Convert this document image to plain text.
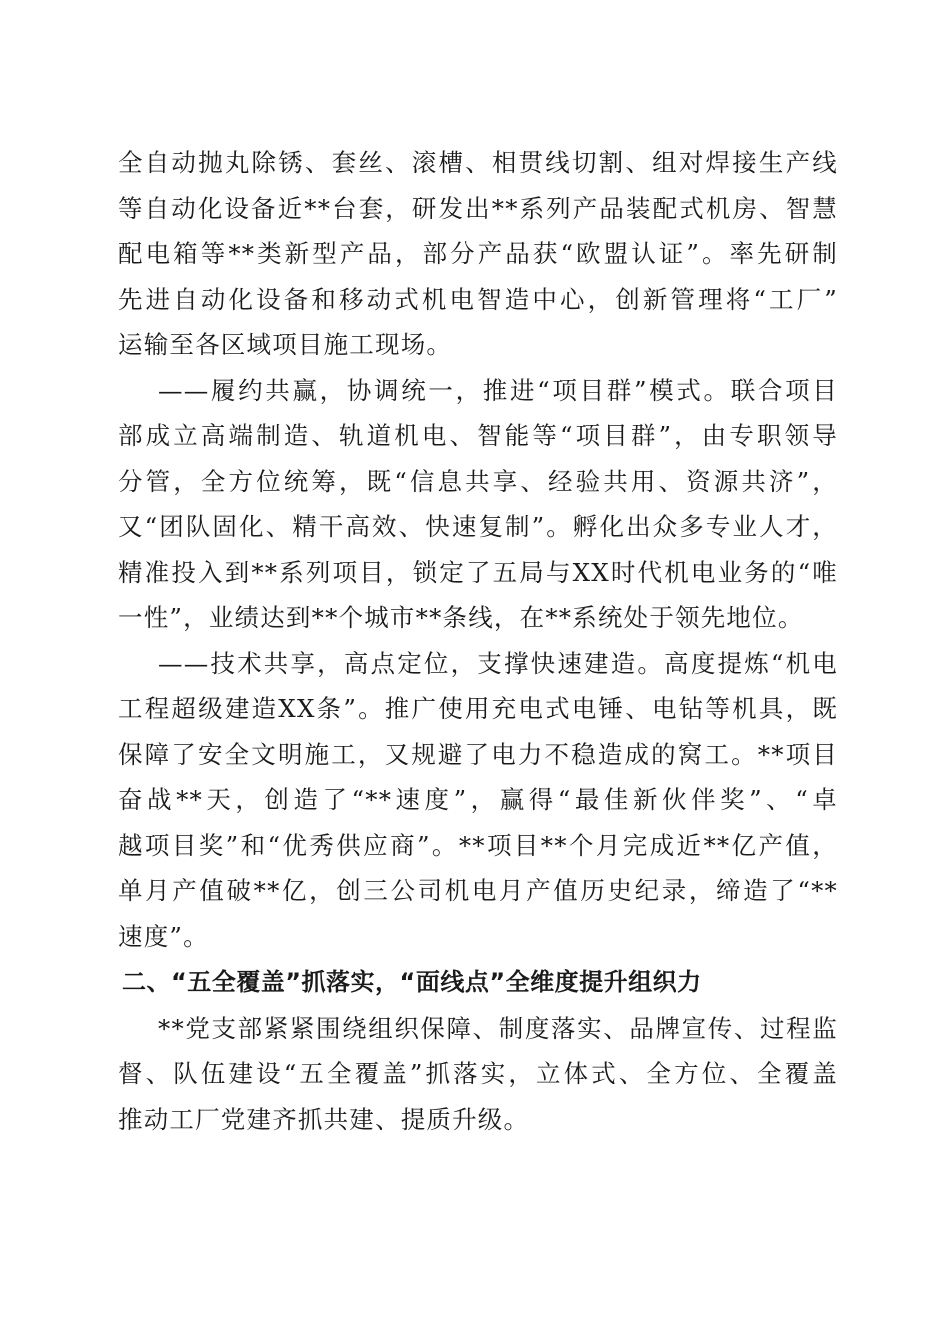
全自动抛丸除锈、套丝、滚槽、相贯线切割、组对焊接生产线
等自动化设备近**台套，研发出**系列产品装配式机房、智慧
配电箱等**类新型产品，部分产品获“欧盟认证”。率先研制
先进自动化设备和移动式机电智造中心，创新管理将“工厂”
运输至各区域项目施工现场。
——履约共赢，协调统一，推进“项目群”模式。联合项目
部成立高端制造、轨道机电、智能等“项目群”，由专职领导
分管，全方位统筹，既“信息共享、经验共用、资源共济”，
又“团队固化、精干高效、快速复制”。孵化出众多专业人才，
精准投入到**系列项目，锁定了五局与XX时代机电业务的“唯
一性”，业绩达到**个城市**条线，在**系统处于领先地位。
——技术共享，高点定位，支撑快速建造。高度提炼“机电
工程超级建造XX条”。推广使用充电式电锤、电钻等机具，既
保障了安全文明施工，又规避了电力不稳造成的窝工。**项目
奋战**天，创造了“**速度”，赢得“最佳新伙伴奖”、“卓
越项目奖”和“优秀供应商”。**项目**个月完成近**亿产值，
单月产值破**亿，创三公司机电月产值历史纪录，缔造了“**
速度”。
二、“五全覆盖”抓落实，“面线点”全维度提升组织力
**党支部紧紧围绕组织保障、制度落实、品牌宣传、过程监
督、队伍建设“五全覆盖”抓落实，立体式、全方位、全覆盖
推动工厂党建齐抓共建、提质升级。
